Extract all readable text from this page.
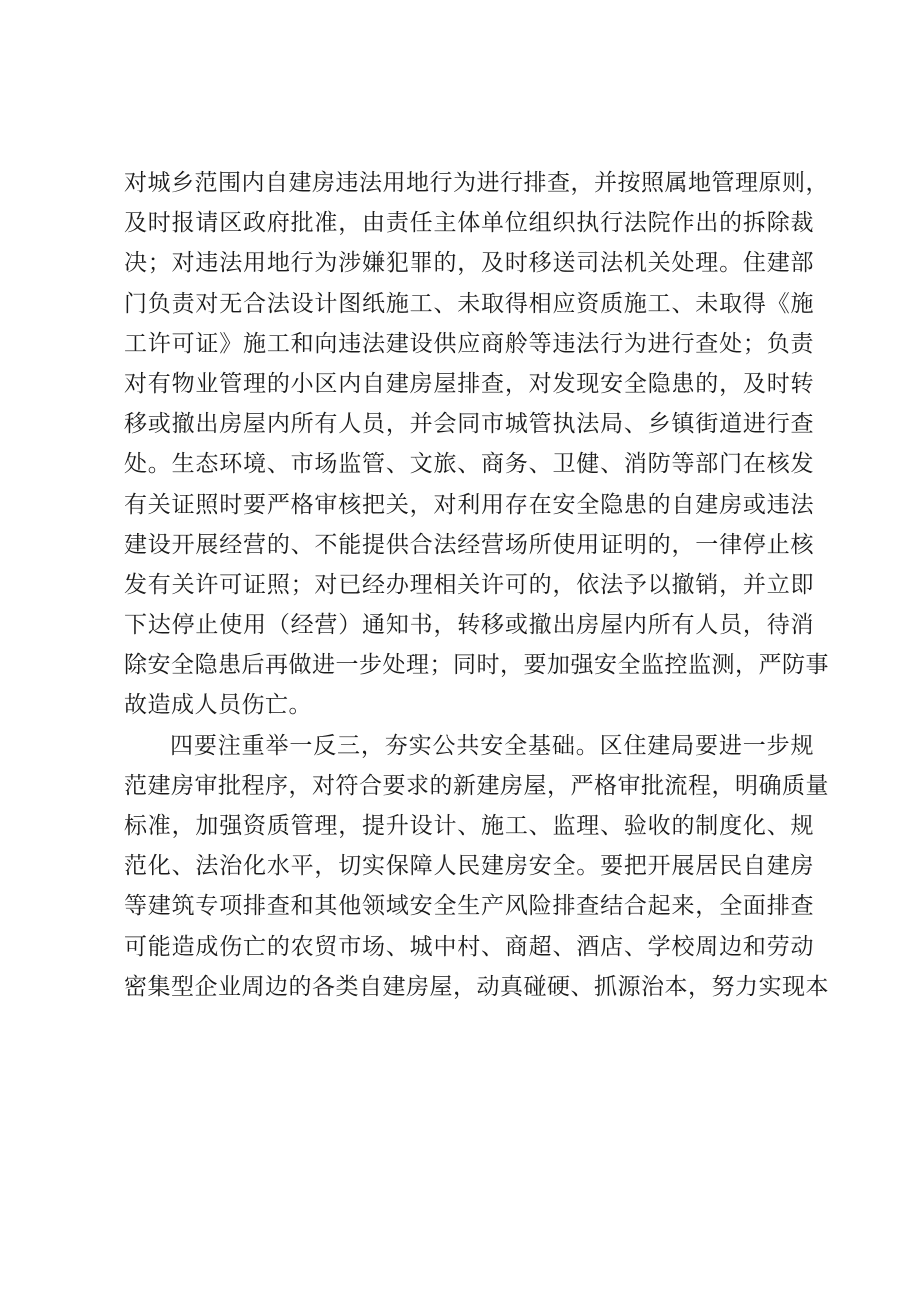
对城乡范围内自建房违法用地行为进行排查，并按照属地管理原则，
及时报请区政府批准，由责任主体单位组织执行法院作出的拆除裁
决；对违法用地行为涉嫌犯罪的，及时移送司法机关处理。住建部
门负责对无合法设计图纸施工、未取得相应资质施工、未取得《施
工许可证》施工和向违法建设供应商舲等违法行为进行查处；负责
对有物业管理的小区内自建房屋排查，对发现安全隐患的，及时转
移或撤出房屋内所有人员，并会同市城管执法局、乡镇街道进行查
处。生态环境、市场监管、文旅、商务、卫健、消防等部门在核发
有关证照时要严格审核把关，对利用存在安全隐患的自建房或违法
建设开展经营的、不能提供合法经营场所使用证明的，一律停止核
发有关许可证照；对已经办理相关许可的，依法予以撤销，并立即
下达停止使用（经营）通知书，转移或撤出房屋内所有人员，待消
除安全隐患后再做进一步处理；同时，要加强安全监控监测，严防事
故造成人员伤亡。
四要注重举一反三，夯实公共安全基础。区住建局要进一步规
范建房审批程序，对符合要求的新建房屋，严格审批流程，明确质量
标准，加强资质管理，提升设计、施工、监理、验收的制度化、规
范化、法治化水平，切实保障人民建房安全。要把开展居民自建房
等建筑专项排查和其他领域安全生产风险排查结合起来，全面排查
可能造成伤亡的农贸市场、城中村、商超、酒店、学校周边和劳动
密集型企业周边的各类自建房屋，动真碰硬、抓源治本，努力实现本
